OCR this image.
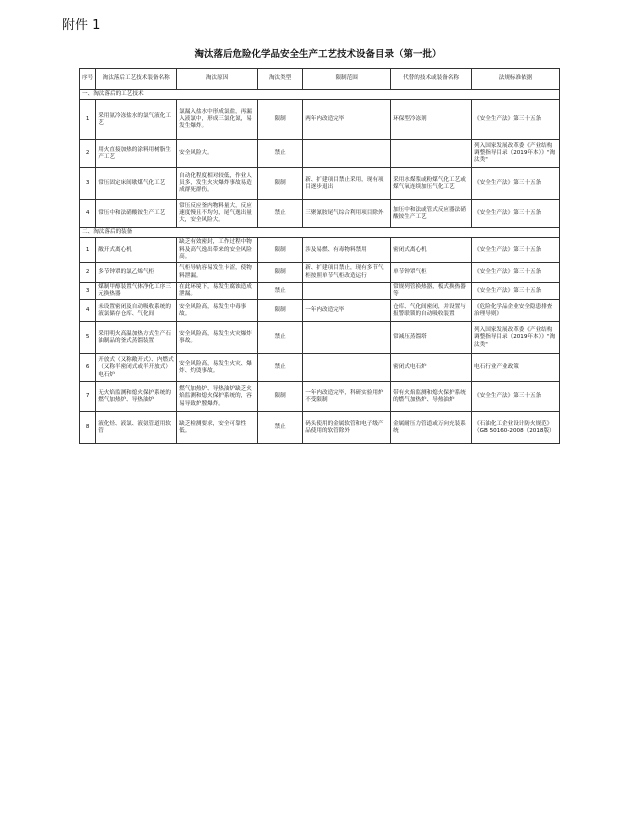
附件 1
淘汰落后危险化学品安全生产工艺技术设备目录（第一批）
序号	淘汰落后工艺技术装备名称	淘汰原因	淘汰类型	限制范围	代替的技术或装备名称	法规标准依据
一、淘汰落后的工艺技术						
1	采用氨冷冻盐水的氯气液化工艺	氯漏入盐水中形成氯盐，再漏入液氯中，形成三氯化氮，易发生爆炸。	限制	两年内改造完毕	环保型冷冻剂	《安全生产法》第三十五条
2	用火直接加热的涂料用树脂生产工艺	安全风险大。	禁止			列入国家发展改革委《产业结构调整指导目录（2019年本）》"淘汰类"
3	常压固定床间歇煤气化工艺	自动化程度相对较低，作业人员多，发生火灾爆炸事故易造成群死群伤。	限制	新、扩建项目禁止采用，现有项目逐步退出	采用水煤浆或粉煤气化工艺或煤气氧连续加压气化工艺	《安全生产法》第三十五条
4	常压中和法硝酸铵生产工艺	常压反应釜内物料量大，反应速度慢且不均匀，尾气逸出量大，安全风险大。	禁止	三聚氰胺尾气综合利用项目除外	加压中和法或管式反应器法硝酸铵生产工艺	《安全生产法》第三十五条
二、淘汰落后的装备						
1	敞开式离心机	缺乏有效密封，工作过程中物料及高气逸出带来的安全风险高。	限制	涉及易燃、有毒物料禁用	密闭式离心机	《安全生产法》第三十五条
2	多节钟罩的氯乙烯气柜	气柜导轨容易发生卡涩，使物料泄漏。	限制	新、扩建项目禁止，现有多节气柜按照单节气柜改造运行	单节钟罩气柜	《安全生产法》第三十五条
3	煤制甲醇装置气体净化工序三元换热器	在此环境下，易发生腐蚀造成泄漏。	禁止		常规列管换热器，板式换热器等	《安全生产法》第三十五条
4	未设置密闭及自动吸收系统的液氯储存仓库、气化间	安全风险高，易发生中毒事故。	限制	一年内改造完毕	仓库、气化间密闭，并设置与报警联锁的自动吸收装置	《危险化学品企业安全隐患排查治理导则》
5	采用明火高温加热方式生产石油制品的釜式蒸馏装置	安全风险高，易发生火灾爆炸事故。	禁止		常减压蒸馏塔	列入国家发展改革委《产业结构调整指导目录（2019年本）》"淘汰类"
6	开放式（又称敞开式）、内燃式（又称半密闭式或半开放式）电石炉	安全风险高，易发生火灾、爆炸、灼烫事故。	禁止		密闭式电石炉	电石行业产业政策
7	无火焰监测和熄火保护系统的燃气加热炉、导热油炉	燃气加热炉、导热油炉缺乏火焰监测和熄火保护系统的，容易导致炉膛爆炸。	限制	一年内改造完毕，科研实验用炉不受限制	带有火焰监测和熄火保护系统的燃气加热炉、导热油炉	《安全生产法》第三十五条
8	液化烃、液氯、液氨管道用软管	缺乏检测要求，安全可靠性低。	禁止	码头使用的金属软管和电子级产品使用的软管除外	金属耐压力管道或万向充装系统	《石油化工企业设计防火规范》（GB 50160-2008（2018版）
